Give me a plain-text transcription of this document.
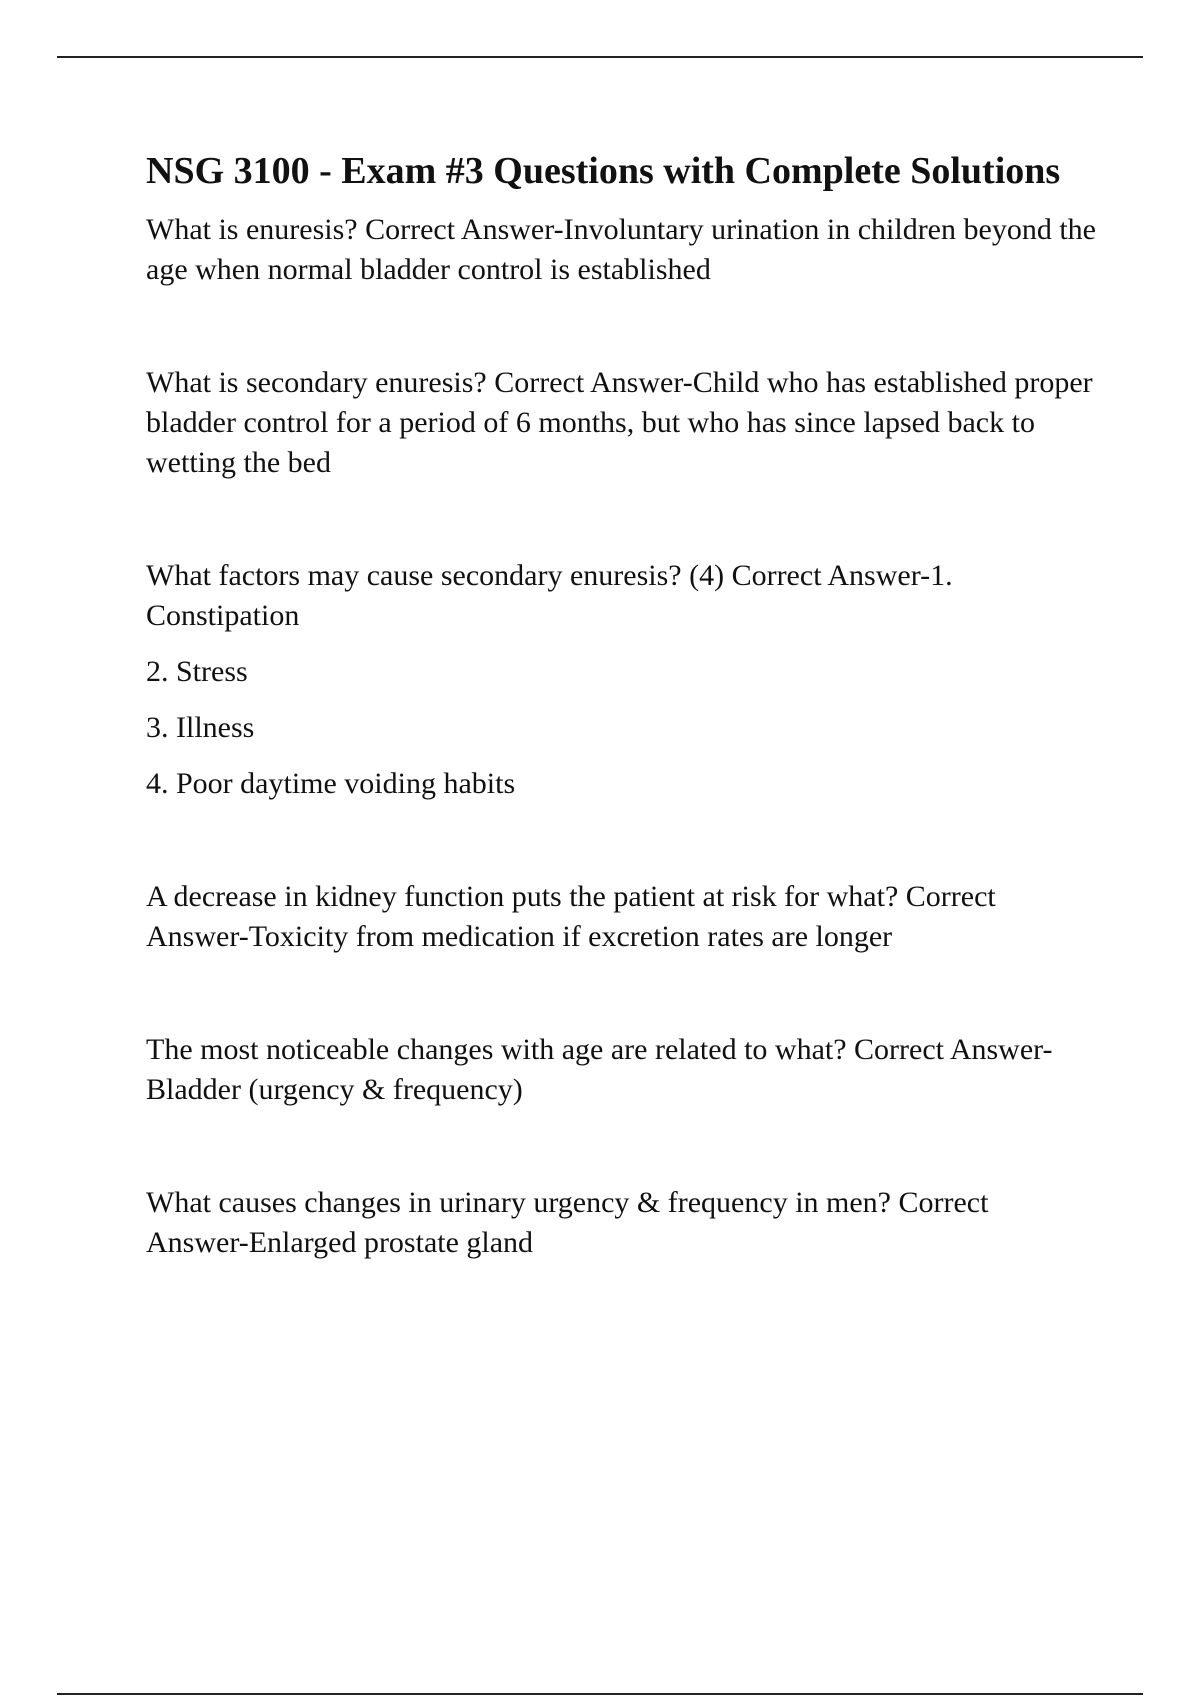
NSG 3100 - Exam #3 Questions with Complete Solutions

What is enuresis? Correct Answer-Involuntary urination in children beyond the age when normal bladder control is established

What is secondary enuresis? Correct Answer-Child who has established proper bladder control for a period of 6 months, but who has since lapsed back to wetting the bed

What factors may cause secondary enuresis? (4) Correct Answer-1. Constipation

2. Stress
3. Illness
4. Poor daytime voiding habits

A decrease in kidney function puts the patient at risk for what? Correct Answer-Toxicity from medication if excretion rates are longer

The most noticeable changes with age are related to what? Correct Answer-Bladder (urgency & frequency)

What causes changes in urinary urgency & frequency in men? Correct Answer-Enlarged prostate gland
